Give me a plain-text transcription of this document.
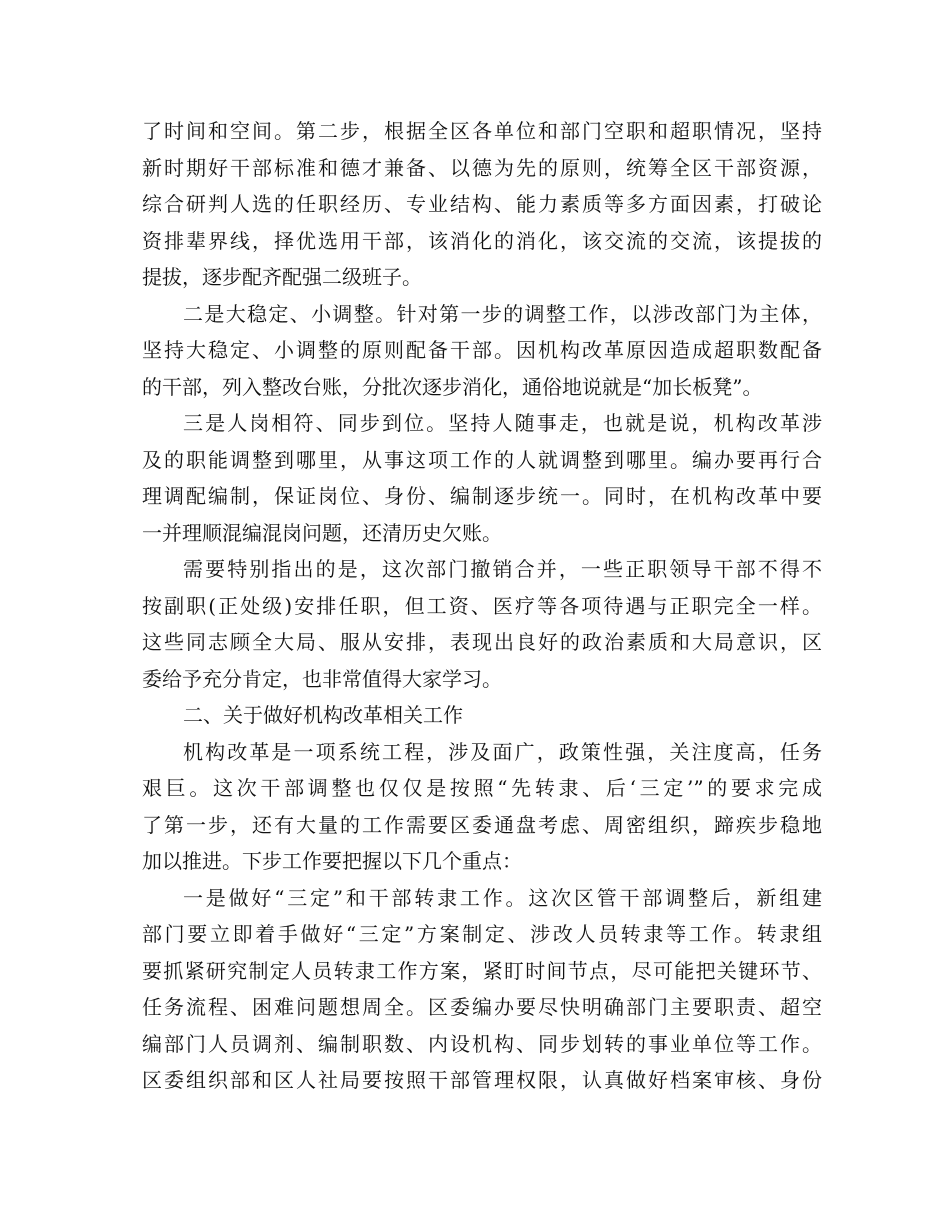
了时间和空间。第二步，根据全区各单位和部门空职和超职情况，坚持
新时期好干部标准和德才兼备、以德为先的原则，统筹全区干部资源，
综合研判人选的任职经历、专业结构、能力素质等多方面因素，打破论
资排辈界线，择优选用干部，该消化的消化，该交流的交流，该提拔的
提拔，逐步配齐配强二级班子。
二是大稳定、小调整。针对第一步的调整工作，以涉改部门为主体，
坚持大稳定、小调整的原则配备干部。因机构改革原因造成超职数配备
的干部，列入整改台账，分批次逐步消化，通俗地说就是“加长板凳”。
三是人岗相符、同步到位。坚持人随事走，也就是说，机构改革涉
及的职能调整到哪里，从事这项工作的人就调整到哪里。编办要再行合
理调配编制，保证岗位、身份、编制逐步统一。同时，在机构改革中要
一并理顺混编混岗问题，还清历史欠账。
需要特别指出的是，这次部门撤销合并，一些正职领导干部不得不
按副职(正处级)安排任职，但工资、医疗等各项待遇与正职完全一样。
这些同志顾全大局、服从安排，表现出良好的政治素质和大局意识，区
委给予充分肯定，也非常值得大家学习。
二、关于做好机构改革相关工作
机构改革是一项系统工程，涉及面广，政策性强，关注度高，任务
艰巨。这次干部调整也仅仅是按照“先转隶、后‘三定’”的要求完成
了第一步，还有大量的工作需要区委通盘考虑、周密组织，蹄疾步稳地
加以推进。下步工作要把握以下几个重点：
一是做好“三定”和干部转隶工作。这次区管干部调整后，新组建
部门要立即着手做好“三定”方案制定、涉改人员转隶等工作。转隶组
要抓紧研究制定人员转隶工作方案，紧盯时间节点，尽可能把关键环节、
任务流程、困难问题想周全。区委编办要尽快明确部门主要职责、超空
编部门人员调剂、编制职数、内设机构、同步划转的事业单位等工作。
区委组织部和区人社局要按照干部管理权限，认真做好档案审核、身份
